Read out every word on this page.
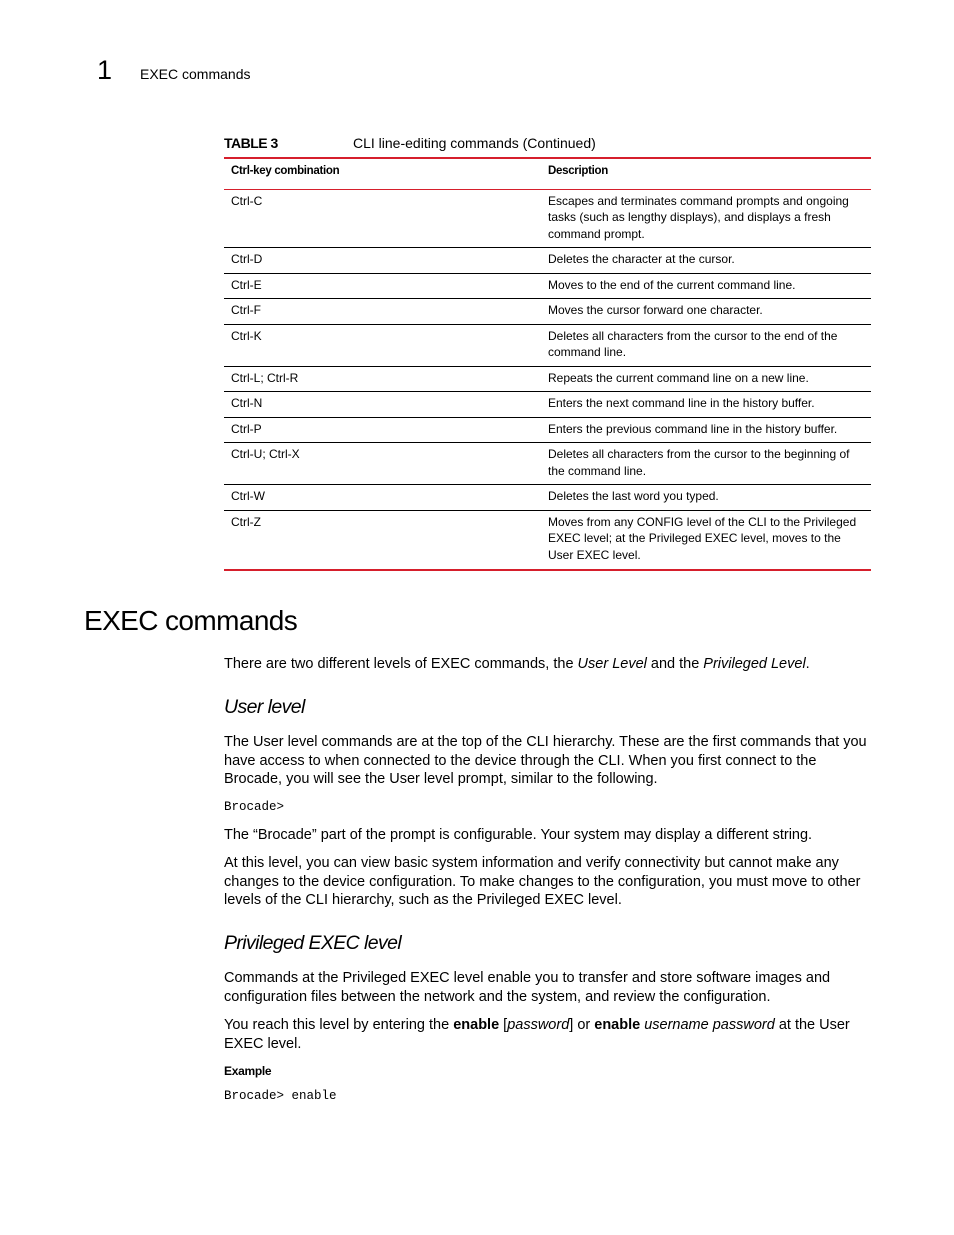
1 EXEC commands
TABLE 3	CLI line-editing commands (Continued)
Ctrl-key combination	Description
Ctrl-C	Escapes and terminates command prompts and ongoing tasks (such as lengthy displays), and displays a fresh command prompt.
Ctrl-D	Deletes the character at the cursor.
Ctrl-E	Moves to the end of the current command line.
Ctrl-F	Moves the cursor forward one character.
Ctrl-K	Deletes all characters from the cursor to the end of the command line.
Ctrl-L; Ctrl-R	Repeats the current command line on a new line.
Ctrl-N	Enters the next command line in the history buffer.
Ctrl-P	Enters the previous command line in the history buffer.
Ctrl-U; Ctrl-X	Deletes all characters from the cursor to the beginning of the command line.
Ctrl-W	Deletes the last word you typed.
Ctrl-Z	Moves from any CONFIG level of the CLI to the Privileged EXEC level; at the Privileged EXEC level, moves to the User EXEC level.
EXEC commands

There are two different levels of EXEC commands, the User Level and the Privileged Level.

User level

The User level commands are at the top of the CLI hierarchy. These are the first commands that you have access to when connected to the device through the CLI. When you first connect to the Brocade, you will see the User level prompt, similar to the following.

Brocade>

The “Brocade” part of the prompt is configurable. Your system may display a different string.

At this level, you can view basic system information and verify connectivity but cannot make any changes to the device configuration. To make changes to the configuration, you must move to other levels of the CLI hierarchy, such as the Privileged EXEC level.

Privileged EXEC level

Commands at the Privileged EXEC level enable you to transfer and store software images and configuration files between the network and the system, and review the configuration.

You reach this level by entering the enable [password] or enable username password at the User EXEC level.

Example
Brocade> enable
